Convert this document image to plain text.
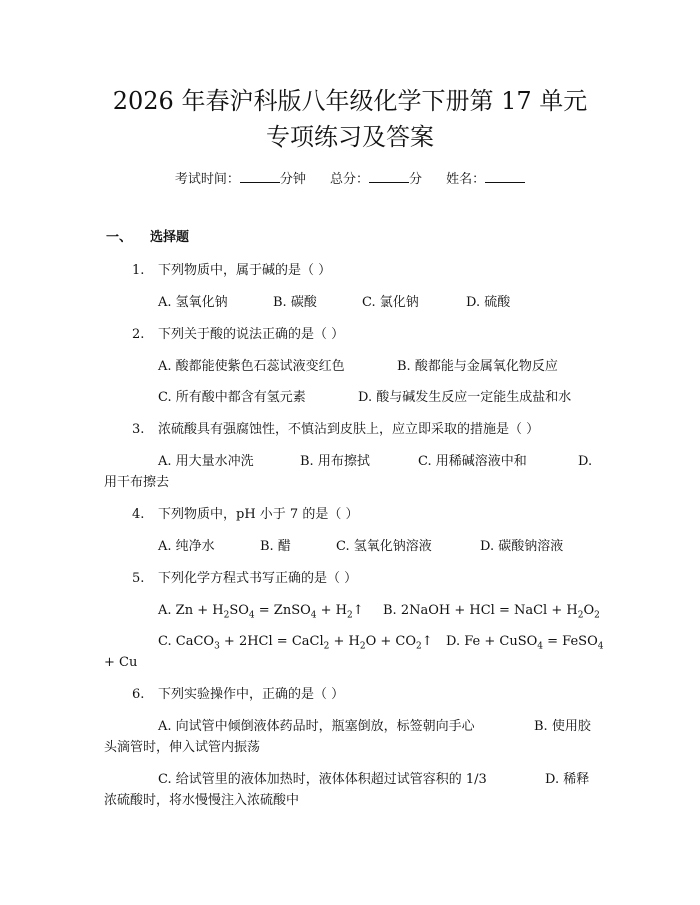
2026 年春沪科版八年级化学下册第 17 单元
专项练习及答案
考试时间：	分钟 总分：	分 姓名：
一、 选择题
1. 下列物质中，属于碱的是（ ）
A. 氢氧化钠	B. 碳酸	C. 氯化钠	D. 硫酸
2. 下列关于酸的说法正确的是（ ）
A. 酸都能使紫色石蕊试液变红色	B. 酸都能与金属氧化物反应
C. 所有酸中都含有氢元素	D. 酸与碱发生反应一定能生成盐和水
3. 浓硫酸具有强腐蚀性，不慎沾到皮肤上，应立即采取的措施是（ ）
A. 用大量水冲洗	B. 用布擦拭	C. 用稀碱溶液中和	D.
用干布擦去
4. 下列物质中，pH 小于 7 的是（ ）
A. 纯净水	B. 醋	C. 氢氧化钠溶液	D. 碳酸钠溶液
5. 下列化学方程式书写正确的是（ ）
A. $Zn + H_2SO_4$ = ZnSO$_4$ + $H_2↑$ B. 2NaOH + HCl = NaCl + $H_2O_2$
C. CaCO$_3$ + 2HCl = CaCl$_2$ + $H_2O$ + $CO_2↑$ D. Fe + CuSO$_4$ = FeSO$_4$
+ Cu
6. 下列实验操作中，正确的是（ ）
A. 向试管中倾倒液体药品时，瓶塞倒放，标签朝向手心	B. 使用胶
头滴管时，伸入试管内振荡
C. 给试管里的液体加热时，液体体积超过试管容积的 1/3	D. 稀释
浓硫酸时，将水慢慢注入浓硫酸中
